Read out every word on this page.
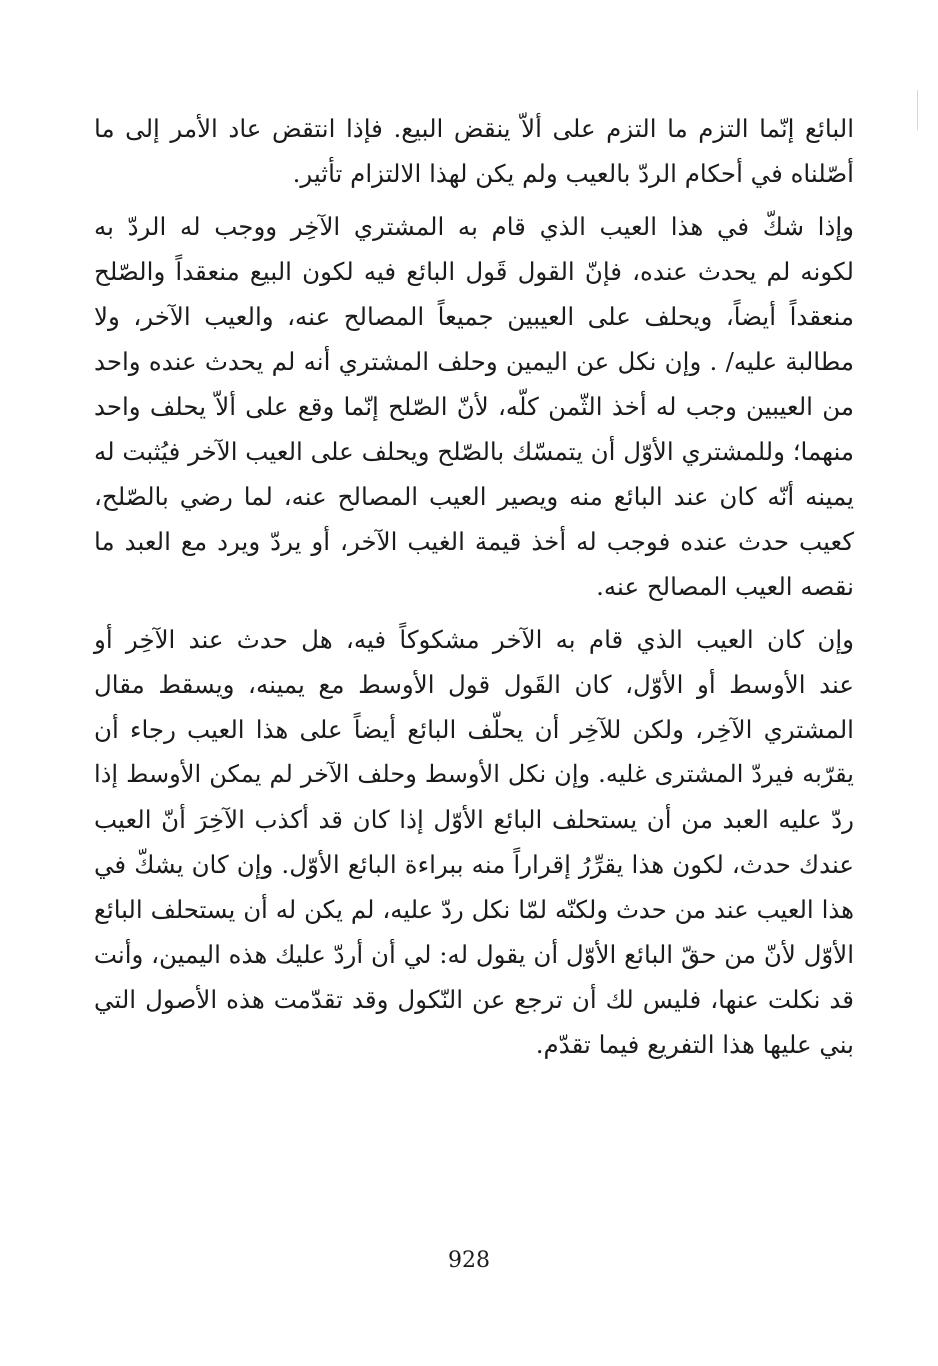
البائع إنّما التزم ما التزم على ألاّ ينقض البيع. فإذا انتقض عاد الأمر إلى ما
أصّلناه في أحكام الردّ بالعيب ولم يكن لهذا الالتزام تأثير.

وإذا شكّ في هذا العيب الذي قام به المشتري الآخِر ووجب له الردّ به
لكونه لم يحدث عنده، فإنّ القول قَول البائع فيه لكون البيع منعقداً والصّلح
منعقداً أيضاً، ويحلف على العيبين جميعاً المصالح عنه، والعيب الآخر، ولا
مطالبة عليه/ . وإن نكل عن اليمين وحلف المشتري أنه لم يحدث عنده واحد
من العيبين وجب له أخذ الثّمن كلّه، لأنّ الصّلح إنّما وقع على ألاّ يحلف واحد
منهما؛ وللمشتري الأوّل أن يتمسّك بالصّلح ويحلف على العيب الآخر فيُثبت له
يمينه أنّه كان عند البائع منه ويصير العيب المصالح عنه، لما رضي بالصّلح،
كعيب حدث عنده فوجب له أخذ قيمة الغيب الآخر، أو يردّ ويرد مع العبد ما
نقصه العيب المصالح عنه.

وإن كان العيب الذي قام به الآخر مشكوكاً فيه، هل حدث عند الآخِر أو
عند الأوسط أو الأوّل، كان القَول قول الأوسط مع يمينه، ويسقط مقال
المشتري الآخِر، ولكن للآخِر أن يحلّف البائع أيضاً على هذا العيب رجاء أن
يقرّبه فيردّ المشترى غليه. وإن نكل الأوسط وحلف الآخر لم يمكن الأوسط إذا
ردّ عليه العبد من أن يستحلف البائع الأوّل إذا كان قد أكذب الآخِرَ أنّ العيب
عندك حدث، لكون هذا يقرِّرُ إقراراً منه ببراءة البائع الأوّل. وإن كان يشكّ في
هذا العيب عند من حدث ولكنّه لمّا نكل ردّ عليه، لم يكن له أن يستحلف البائع
الأوّل لأنّ من حقّ البائع الأوّل أن يقول له: لي أن أردّ عليك هذه اليمين، وأنت
قد نكلت عنها، فليس لك أن ترجع عن النّكول وقد تقدّمت هذه الأصول التي
بني عليها هذا التفريع فيما تقدّم.

928
